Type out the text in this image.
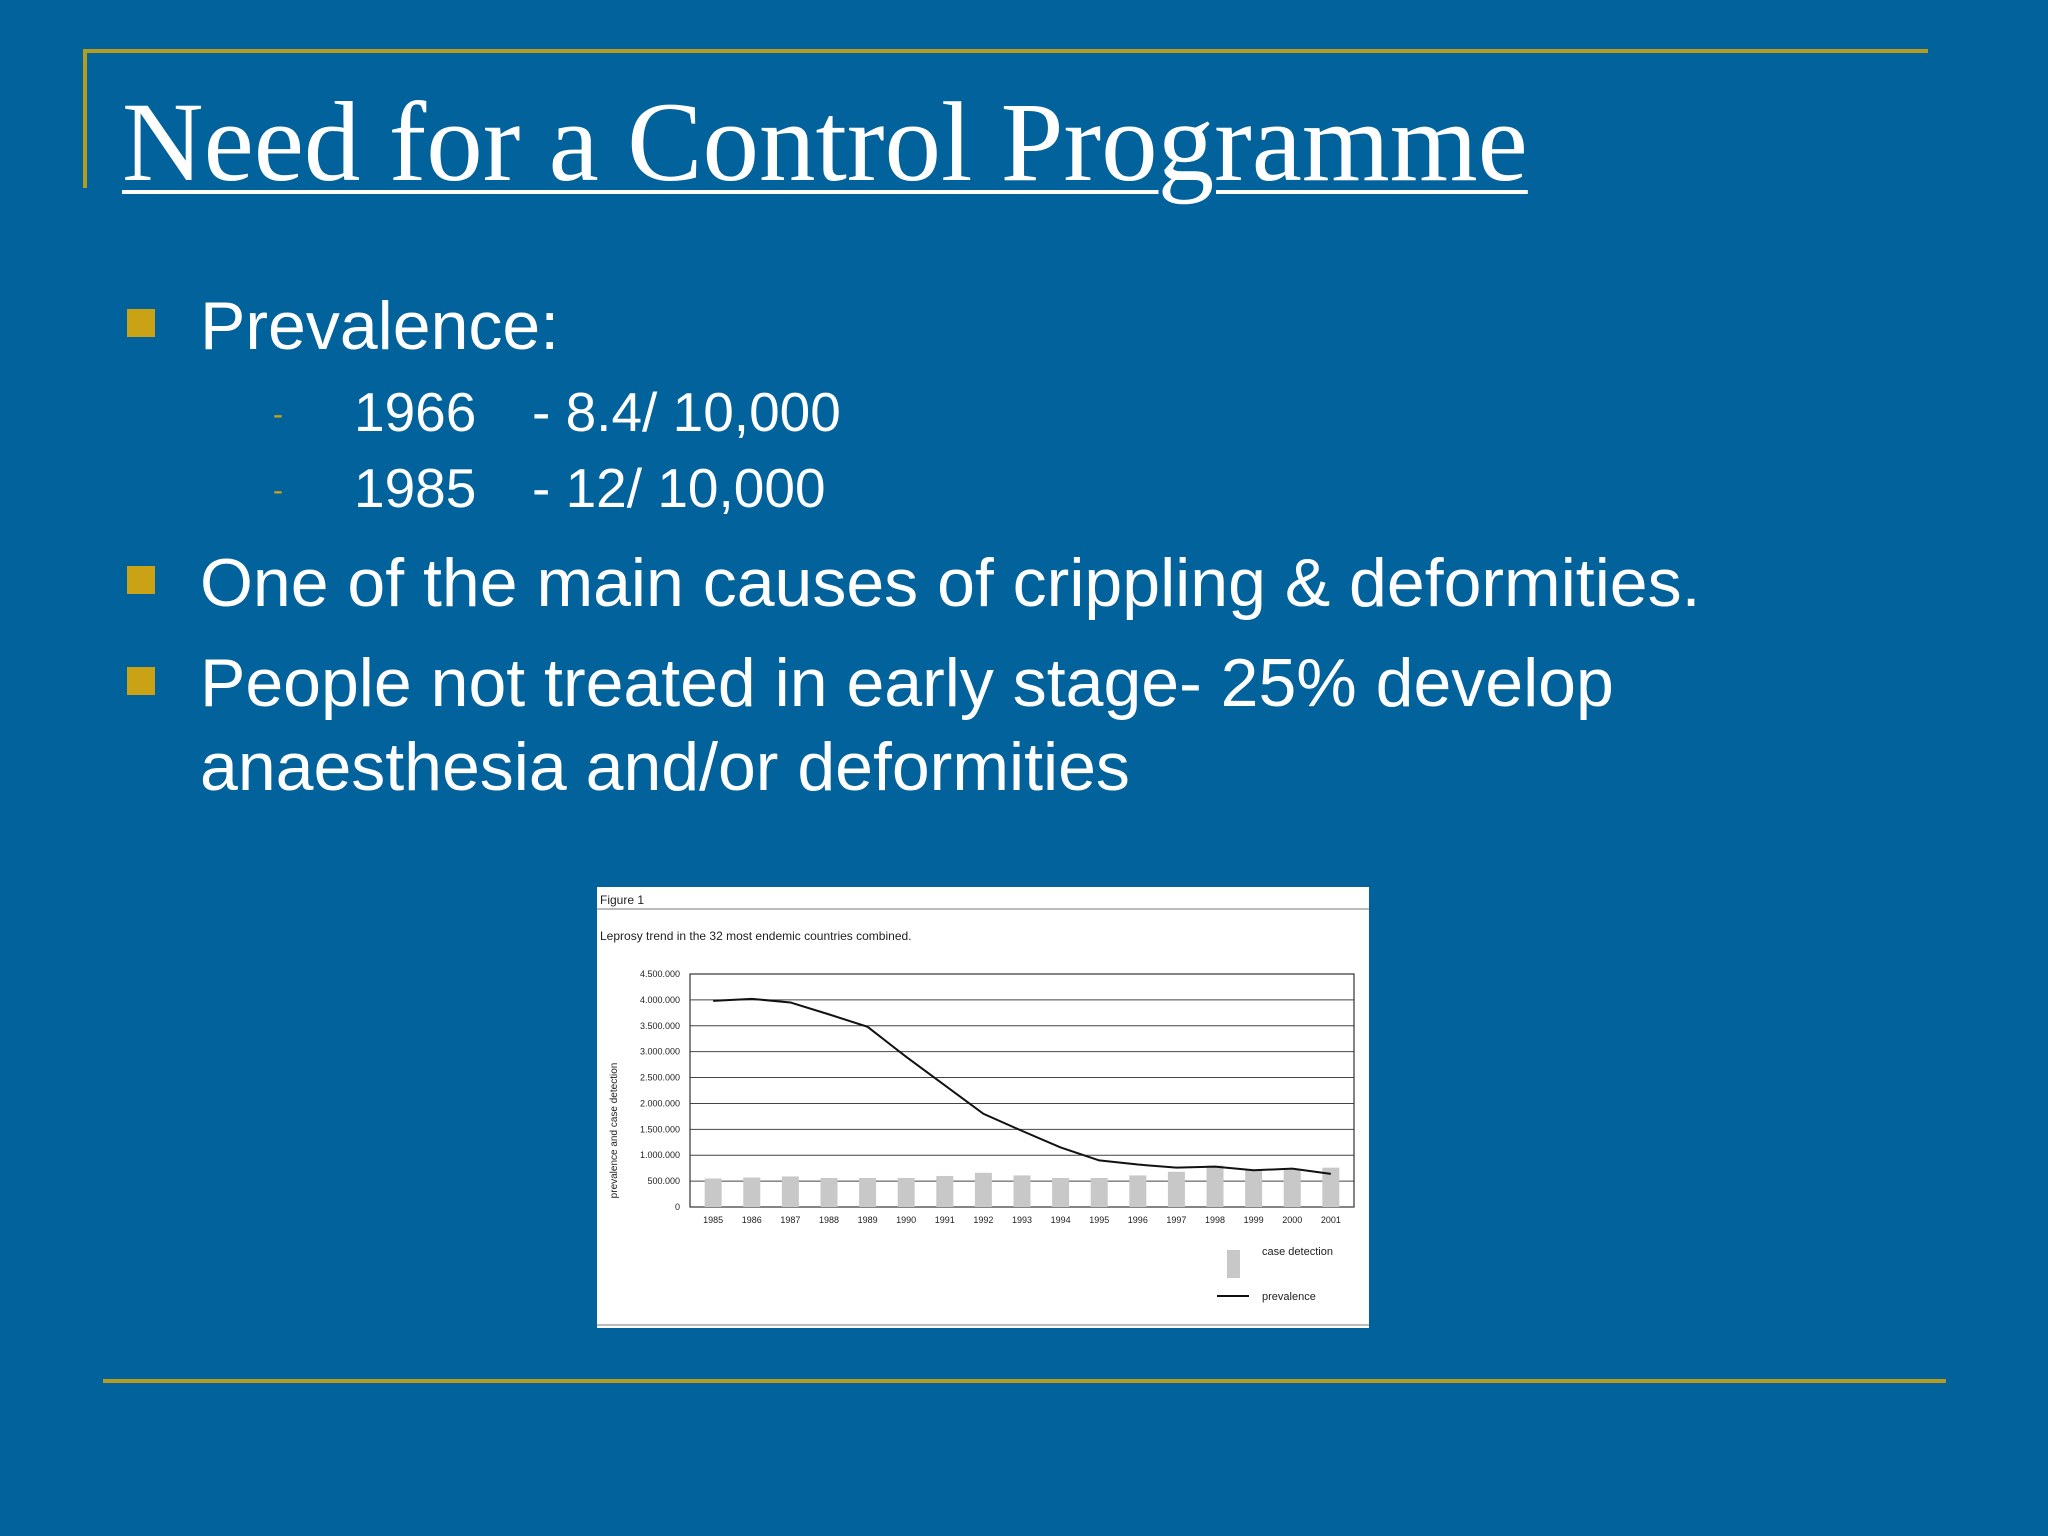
Need for a Control Programme
Prevalence:
- 1966 - 8.4/ 10,000
- 1985 - 12/ 10,000
One of the main causes of crippling & deformities.
People not treated in early stage- 25% develop
anaesthesia and/or deformities
Figure 1
Leprosy trend in the 32 most endemic countries combined.
0
500.000
1.000.000
1.500.000
2.000.000
2.500.000
3.000.000
3.500.000
4.000.000
4.500.000
prevalence and case detection
1985 1986 1987 1988 1989 1990 1991 1992 1993 1994 1995 1996 1997 1998 1999 2000 2001
case detection
prevalence
